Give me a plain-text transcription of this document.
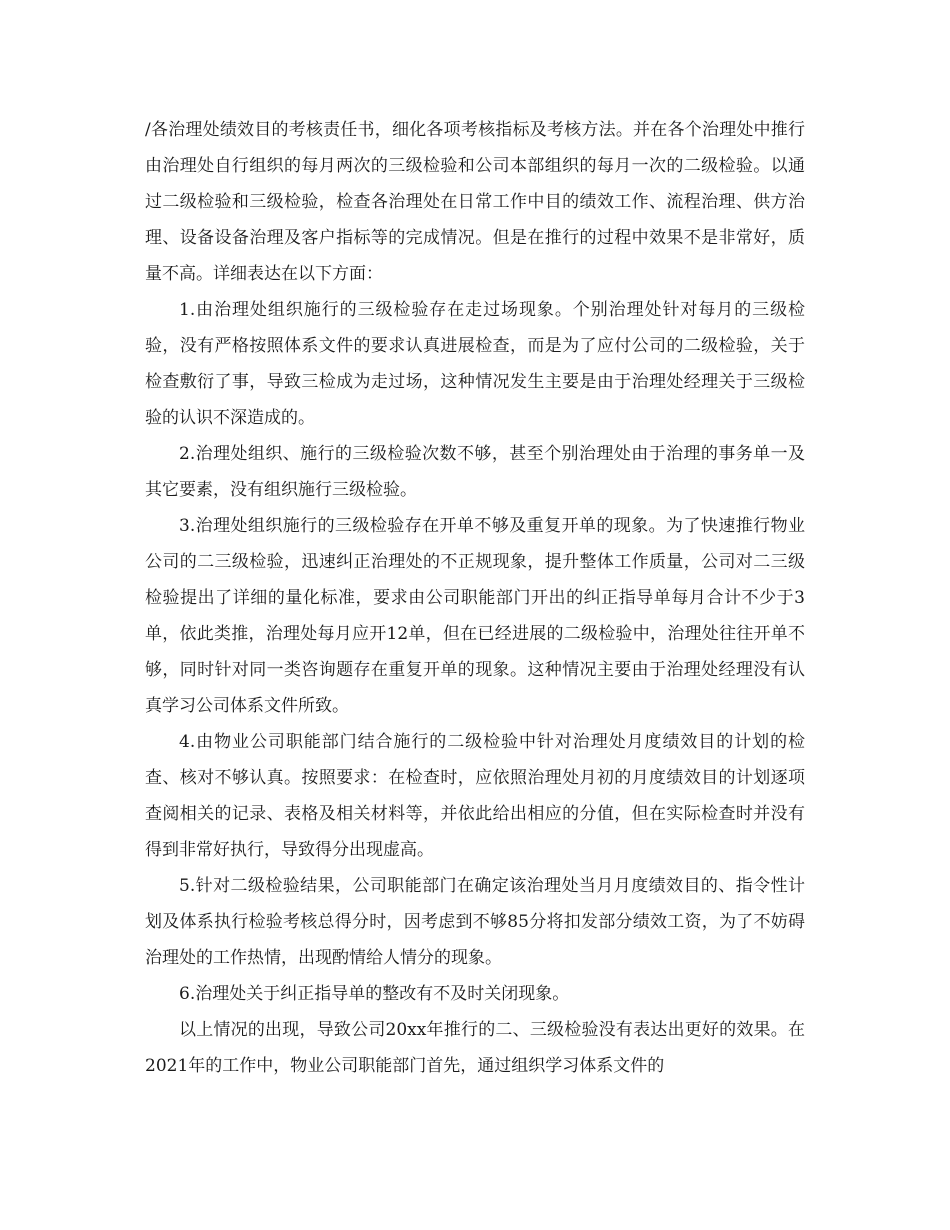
/各治理处绩效目的考核责任书，细化各项考核指标及考核方法。并在各个治理处中推行由治理处自行组织的每月两次的三级检验和公司本部组织的每月一次的二级检验。以通过二级检验和三级检验，检查各治理处在日常工作中目的绩效工作、流程治理、供方治理、设备设备治理及客户指标等的完成情况。但是在推行的过程中效果不是非常好，质量不高。详细表达在以下方面：

1.由治理处组织施行的三级检验存在走过场现象。个别治理处针对每月的三级检验，没有严格按照体系文件的要求认真进展检查，而是为了应付公司的二级检验，关于检查敷衍了事，导致三检成为走过场，这种情况发生主要是由于治理处经理关于三级检验的认识不深造成的。

2.治理处组织、施行的三级检验次数不够，甚至个别治理处由于治理的事务单一及其它要素，没有组织施行三级检验。

3.治理处组织施行的三级检验存在开单不够及重复开单的现象。为了快速推行物业公司的二三级检验，迅速纠正治理处的不正规现象，提升整体工作质量，公司对二三级检验提出了详细的量化标准，要求由公司职能部门开出的纠正指导单每月合计不少于3单，依此类推，治理处每月应开12单，但在已经进展的二级检验中，治理处往往开单不够，同时针对同一类咨询题存在重复开单的现象。这种情况主要由于治理处经理没有认真学习公司体系文件所致。

4.由物业公司职能部门结合施行的二级检验中针对治理处月度绩效目的计划的检查、核对不够认真。按照要求：在检查时，应依照治理处月初的月度绩效目的计划逐项查阅相关的记录、表格及相关材料等，并依此给出相应的分值，但在实际检查时并没有得到非常好执行，导致得分出现虚高。

5.针对二级检验结果，公司职能部门在确定该治理处当月月度绩效目的、指令性计划及体系执行检验考核总得分时，因考虑到不够85分将扣发部分绩效工资，为了不妨碍治理处的工作热情，出现酌情给人情分的现象。

6.治理处关于纠正指导单的整改有不及时关闭现象。

以上情况的出现，导致公司20xx年推行的二、三级检验没有表达出更好的效果。在2021年的工作中，物业公司职能部门首先，通过组织学习体系文件的
